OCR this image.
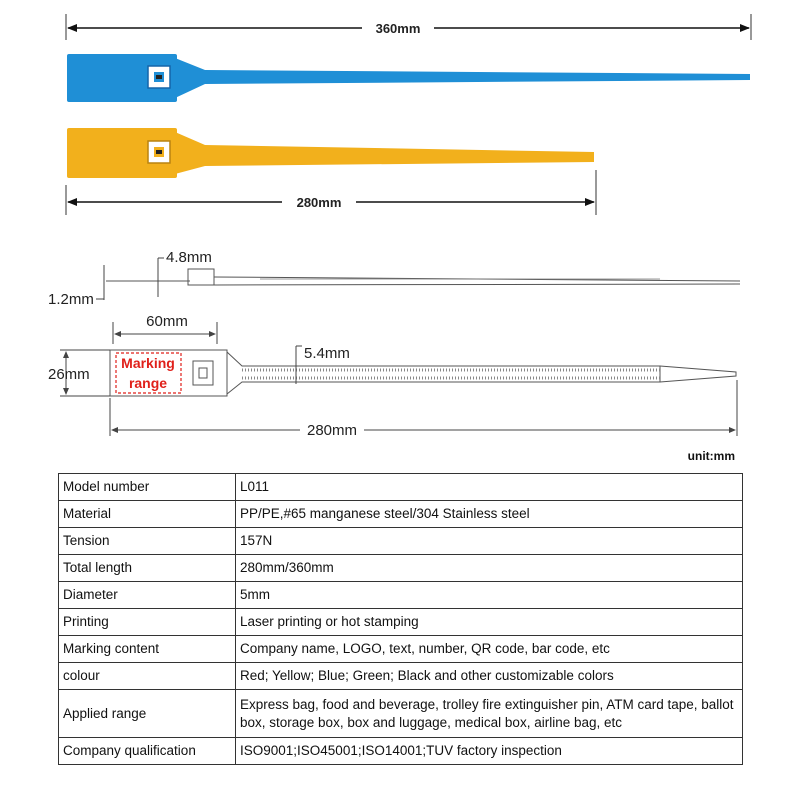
360mm
280mm
4.8mm
1.2mm
60mm
Marking
range
26mm
5.4mm
280mm
unit:mm
Model number	L011
Material	PP/PE,#65 manganese steel/304 Stainless steel
Tension	157N
Total length	280mm/360mm
Diameter	5mm
Printing	Laser printing or hot stamping
Marking content	Company name, LOGO, text, number, QR code, bar code, etc
colour	Red; Yellow; Blue; Green; Black and other customizable colors
Applied range	Express bag, food and beverage, trolley fire extinguisher pin, ATM card tape, ballot box, storage box, box and luggage, medical box, airline bag, etc
Company qualification	ISO9001;ISO45001;ISO14001;TUV factory inspection
